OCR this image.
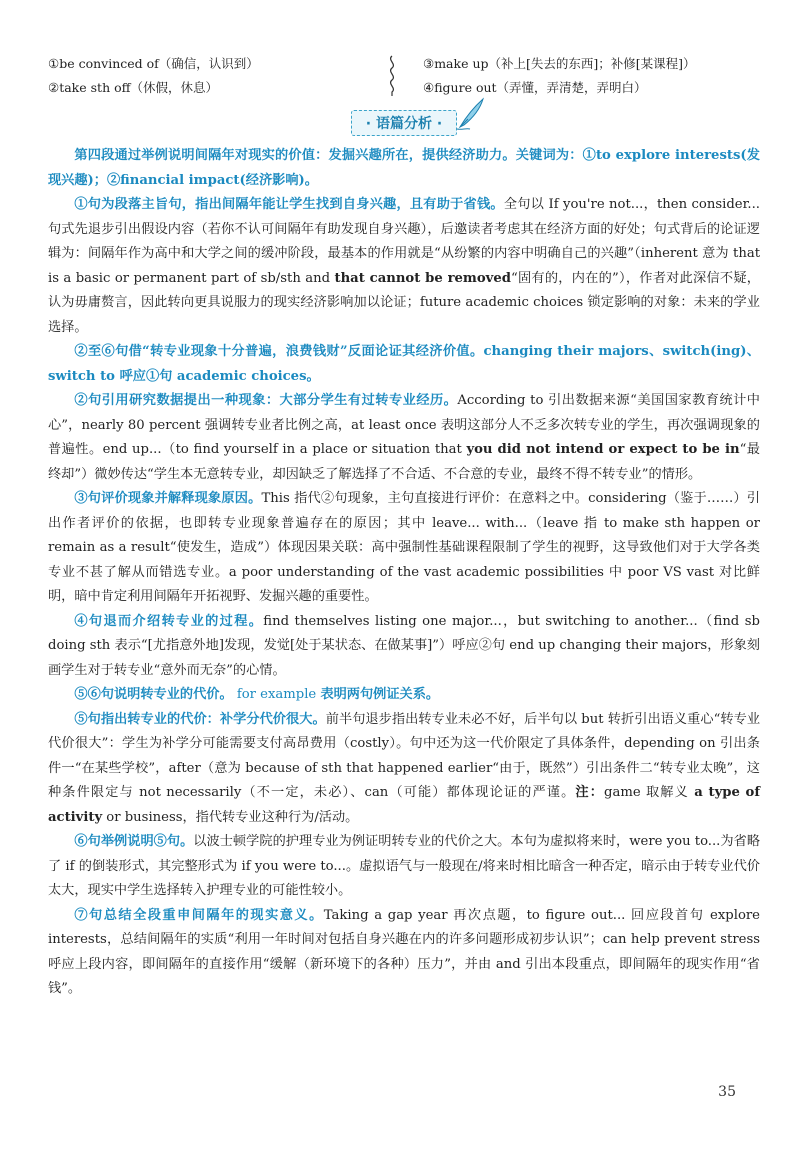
①be convinced of（确信，认识到）
②take sth off（休假，休息）
③make up（补上[失去的东西]；补修[某课程]）
④figure out（弄懂，弄清楚，弄明白）
· 语篇分析 ·

第四段通过举例说明间隔年对现实的价值：发掘兴趣所在，提供经济助力。关键词为：①to explore interests(发现兴趣)；②financial impact(经济影响)。

①句为段落主旨句，指出间隔年能让学生找到自身兴趣，且有助于省钱。全句以 If you're not...，then consider...句式先退步引出假设内容（若你不认可间隔年有助发现自身兴趣），后邀读者考虑其在经济方面的好处；句式背后的论证逻辑为：间隔年作为高中和大学之间的缓冲阶段，最基本的作用就是“从纷繁的内容中明确自己的兴趣”（inherent 意为 that is a basic or permanent part of sb/sth and that cannot be removed“固有的，内在的”），作者对此深信不疑，认为毋庸赘言，因此转向更具说服力的现实经济影响加以论证；future academic choices 锁定影响的对象：未来的学业选择。

②至⑥句借“转专业现象十分普遍，浪费钱财”反面论证其经济价值。changing their majors、switch(ing)、switch to 呼应①句 academic choices。

②句引用研究数据提出一种现象：大部分学生有过转专业经历。According to 引出数据来源“美国国家教育统计中心”，nearly 80 percent 强调转专业者比例之高，at least once 表明这部分人不乏多次转专业的学生，再次强调现象的普遍性。end up...（to find yourself in a place or situation that you did not intend or expect to be in“最终却”）微妙传达“学生本无意转专业，却因缺乏了解选择了不合适、不合意的专业，最终不得不转专业”的情形。

③句评价现象并解释现象原因。This 指代②句现象，主句直接进行评价：在意料之中。considering（鉴于……）引出作者评价的依据，也即转专业现象普遍存在的原因；其中 leave... with...（leave 指 to make sth happen or remain as a result“使发生，造成”）体现因果关联：高中强制性基础课程限制了学生的视野，这导致他们对于大学各类专业不甚了解从而错选专业。a poor understanding of the vast academic possibilities 中 poor VS vast 对比鲜明，暗中肯定利用间隔年开拓视野、发掘兴趣的重要性。

④句退而介绍转专业的过程。find themselves listing one major...，but switching to another...（find sb doing sth 表示“[尤指意外地]发现，发觉[处于某状态、在做某事]”）呼应②句 end up changing their majors，形象刻画学生对于转专业“意外而无奈”的心情。

⑤⑥句说明转专业的代价。 for example 表明两句例证关系。

⑤句指出转专业的代价：补学分代价很大。前半句退步指出转专业未必不好，后半句以 but 转折引出语义重心“转专业代价很大”：学生为补学分可能需要支付高昂费用（costly）。句中还为这一代价限定了具体条件，depending on 引出条件一“在某些学校”，after（意为 because of sth that happened earlier“由于，既然”）引出条件二“转专业太晚”，这种条件限定与 not necessarily（不一定，未必）、can（可能）都体现论证的严谨。注：game 取解义 a type of activity or business，指代转专业这种行为/活动。

⑥句举例说明⑤句。以波士顿学院的护理专业为例证明转专业的代价之大。本句为虚拟将来时，were you to...为省略了 if 的倒装形式，其完整形式为 if you were to...。虚拟语气与一般现在/将来时相比暗含一种否定，暗示由于转专业代价太大，现实中学生选择转入护理专业的可能性较小。

⑦句总结全段重申间隔年的现实意义。Taking a gap year 再次点题，to figure out... 回应段首句 explore interests，总结间隔年的实质“利用一年时间对包括自身兴趣在内的许多问题形成初步认识”；can help prevent stress 呼应上段内容，即间隔年的直接作用“缓解（新环境下的各种）压力”，并由 and 引出本段重点，即间隔年的现实作用“省钱”。

35
